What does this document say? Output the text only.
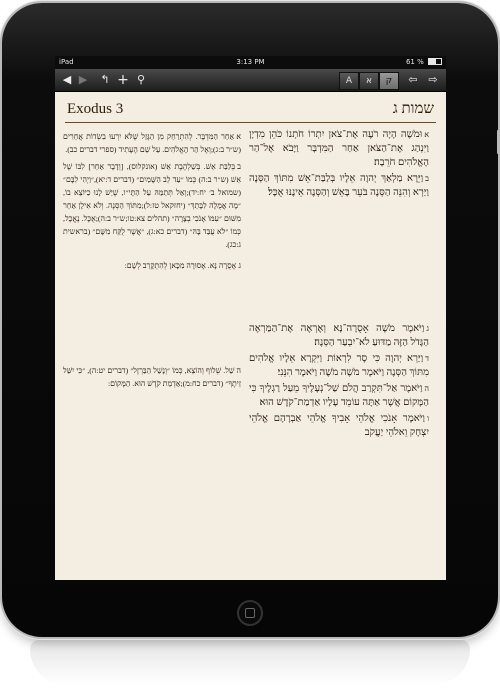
iPad	3:13 PM	61 %
◀ ▶	↰ + ⚲	A	א	ק	⇦ ⇨
Exodus 3	שמות ג

אוּמֹשֶׁה הָיָה רֹעֶה אֶת־צֹאן יִתְרוֹ חֹתְנוֹ כֹּהֵן מִדְיָן וַיִּנְהַג אֶת־הַצֹּאן אַחַר הַמִּדְבָּר וַיָּבֹא אֶל־הַר הָאֱלֹהִים חֹרֵבָה׃

בוַיֵּרָא מַלְאַךְ יְהוָה אֵלָיו בְּלַבַּת־אֵשׁ מִתּוֹךְ הַסְּנֶה וַיַּרְא וְהִנֵּה הַסְּנֶה בֹּעֵר בָּאֵשׁ וְהַסְּנֶה אֵינֶנּוּ אֻכָּל׃

גוַיֹּאמֶר מֹשֶׁה אָסֻרָה־נָּא וְאֶרְאֶה אֶת־הַמַּרְאֶה הַגָּדֹל הַזֶּה מַדּוּעַ לֹא־יִבְעַר הַסְּנֶה׃

דוַיַּרְא יְהוָה כִּי סָר לִרְאוֹת וַיִּקְרָא אֵלָיו אֱלֹהִים מִתּוֹךְ הַסְּנֶה וַיֹּאמֶר מֹשֶׁה מֹשֶׁה וַיֹּאמֶר הִנֵּנִי׃

הוַיֹּאמֶר אַל־תִּקְרַב הֲלֹם שַׁל־נְעָלֶיךָ מֵעַל רַגְלֶיךָ כִּי הַמָּקוֹם אֲשֶׁר אַתָּה עוֹמֵד עָלָיו אַדְמַת־קֹדֶשׁ הוּא׃

ווַיֹּאמֶר אָנֹכִי אֱלֹהֵי אָבִיךָ אֱלֹהֵי אַבְרָהָם אֱלֹהֵי יִצְחָק וֵאלֹהֵי יַעֲקֹב

אאַחַר הַמִּדְבָּר. לְהִתְרַחֵק מִן הַגָּזֵל שֶׁלֹּא יִרְעוּ בִשְׂדוֹת אֲחֵרִים (ש״ר ב:ג);וְאֶל הַר הָאֱלֹהִים. עַל שֵׁם הֶעָתִיד (ספרי דברים כב).

בבְּלַבַּת אֵשׁ. בְּשַׁלְהֶבֶת אֵשׁ (אונקלוס), [וְדָבָר אַחֵר] לִבּוֹ שֶׁל אֵשׁ (ש״ר ב:ה) כְּמוֹ ״עַד לֵב הַשָּׁמַיִם״ (דברים ד:יא),״וַיְהִי לִבָּם״ (שמואל ב׳ יח:יד);וְאַל תְּתַמַּהּ עַל הַתָּי״ו, שֶׁיֵּשׁ לָנוּ כַיּוֹצֵא בוֹ, ״מָה אֲמֻלָה לִבָּתֵךְ״ (יחזקאל טז:ל);מִתּוֹךְ הַסְּנֶה. וְלֹא אִילָן אַחֵר מִשּׁוּם ״עִמּוֹ אָנֹכִי בְצָרָה״ (תהלים צא:טו;ש״ר ב:ה);אֻכָּל. נֶאֱכָל, כְּמוֹ ״לֹא עֻבַּד בָּהּ״ (דברים כא:ג), ״אֲשֶׁר לֻקַּח מִשָּׁם״ (בראשית ג:כג).

גאָסֻרָה נָּא. אָסוּרָה מִכָּאן לְהִתְקָרֵב לְשָׁם:

השַׁל. שְׁלוֹף וְהוֹצֵא, כְּמוֹ ״וְנָשַׁל הַבַּרְזֶל״ (דברים יט:ה), ״כִּי יִשַּׁל זֵיתֶךָ״ (דברים כח:מ);אַדְמַת קֹדֶשׁ הוּא. הַמָּקוֹם:
